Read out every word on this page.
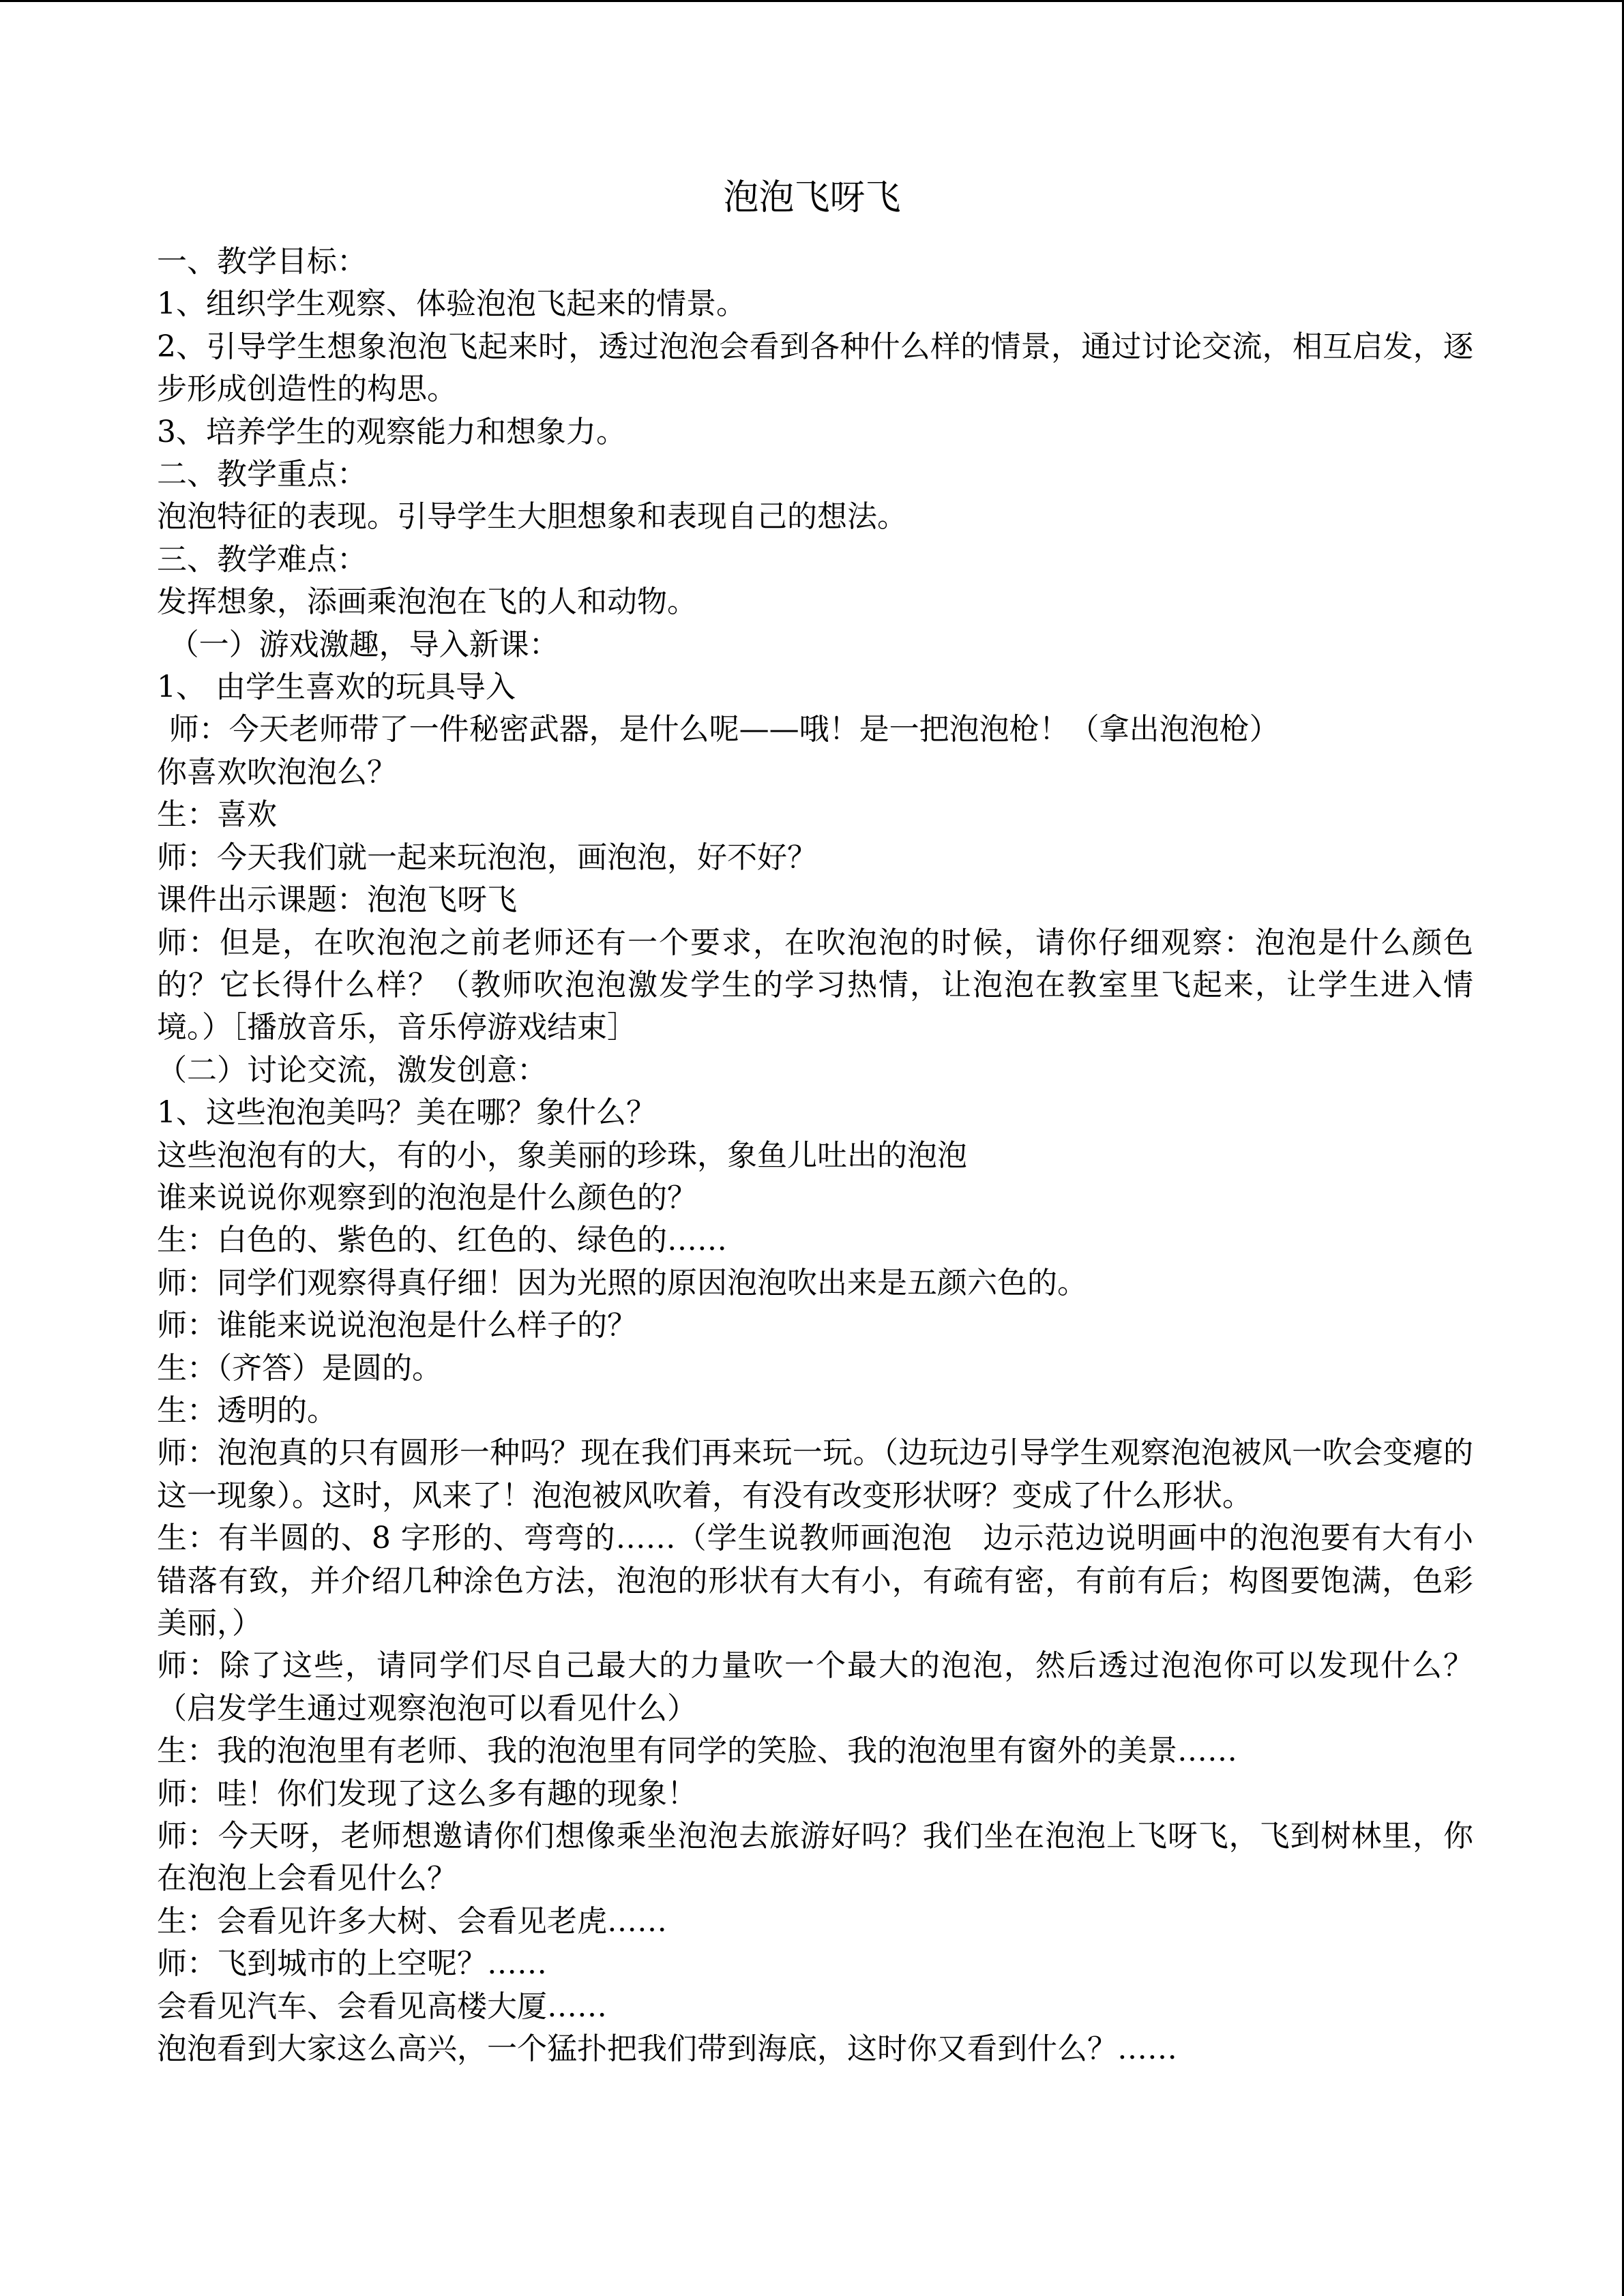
泡泡飞呀飞

一、教学目标：

1、组织学生观察、体验泡泡飞起来的情景。

2、引导学生想象泡泡飞起来时，透过泡泡会看到各种什么样的情景，通过讨论交流，相互启发，逐步形成创造性的构思。

3、培养学生的观察能力和想象力。

二、教学重点：

泡泡特征的表现。引导学生大胆想象和表现自己的想法。

三、教学难点：

发挥想象，添画乘泡泡在飞的人和动物。

（一）游戏激趣，导入新课：

1、 由学生喜欢的玩具导入

师：今天老师带了一件秘密武器，是什么呢——哦！是一把泡泡枪！（拿出泡泡枪）

你喜欢吹泡泡么？

生：喜欢

师：今天我们就一起来玩泡泡，画泡泡，好不好？

课件出示课题：泡泡飞呀飞

师：但是，在吹泡泡之前老师还有一个要求，在吹泡泡的时候，请你仔细观察：泡泡是什么颜色的？它长得什么样？（教师吹泡泡激发学生的学习热情，让泡泡在教室里飞起来，让学生进入情境。）［播放音乐，音乐停游戏结束］

（二）讨论交流，激发创意：

1、这些泡泡美吗？美在哪？象什么？

这些泡泡有的大，有的小，象美丽的珍珠，象鱼儿吐出的泡泡

谁来说说你观察到的泡泡是什么颜色的？

生：白色的、紫色的、红色的、绿色的……

师：同学们观察得真仔细！因为光照的原因泡泡吹出来是五颜六色的。

师：谁能来说说泡泡是什么样子的？

生：（齐答）是圆的。

生：透明的。

师：泡泡真的只有圆形一种吗？现在我们再来玩一玩。（边玩边引导学生观察泡泡被风一吹会变瘪的这一现象）。这时，风来了！泡泡被风吹着，有没有改变形状呀？变成了什么形状。

生：有半圆的、8 字形的、弯弯的……（学生说教师画泡泡　边示范边说明画中的泡泡要有大有小错落有致，并介绍几种涂色方法，泡泡的形状有大有小，有疏有密，有前有后；构图要饱满，色彩美丽，）

师：除了这些，请同学们尽自己最大的力量吹一个最大的泡泡，然后透过泡泡你可以发现什么？（启发学生通过观察泡泡可以看见什么）

生：我的泡泡里有老师、我的泡泡里有同学的笑脸、我的泡泡里有窗外的美景……

师：哇！你们发现了这么多有趣的现象！

师：今天呀，老师想邀请你们想像乘坐泡泡去旅游好吗？我们坐在泡泡上飞呀飞，飞到树林里，你在泡泡上会看见什么？

生：会看见许多大树、会看见老虎……

师：飞到城市的上空呢？……

会看见汽车、会看见高楼大厦……

泡泡看到大家这么高兴，一个猛扑把我们带到海底，这时你又看到什么？……
